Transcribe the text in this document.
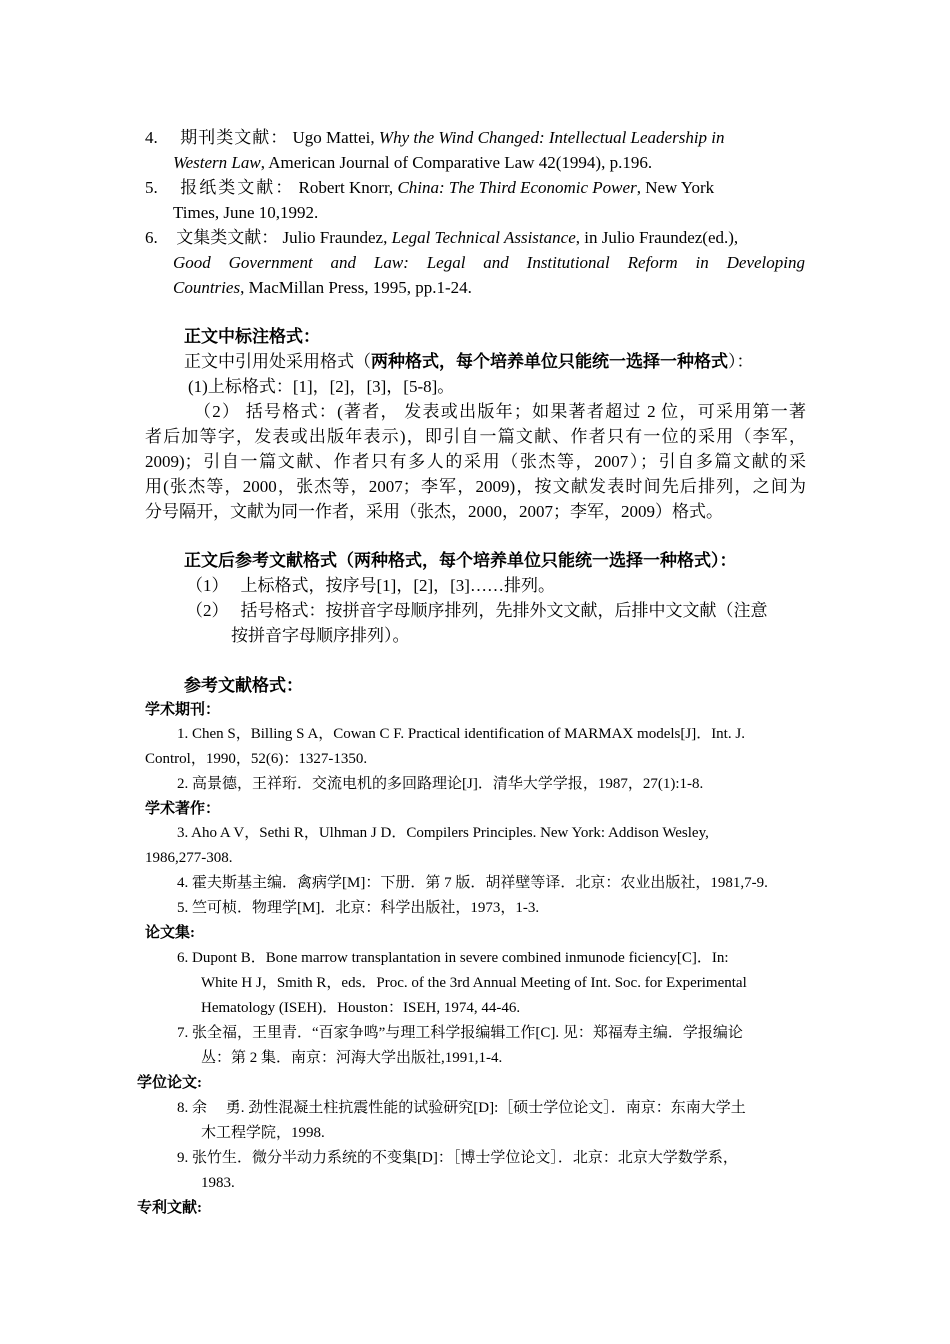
4. 期刊类文献： Ugo Mattei, Why the Wind Changed: Intellectual Leadership in
Western Law, American Journal of Comparative Law 42(1994), p.196.
5. 报纸类文献： Robert Knorr, China: The Third Economic Power, New York
Times, June 10,1992.
6. 文集类文献： Julio Fraundez, Legal Technical Assistance, in Julio Fraundez(ed.),
Good Government and Law: Legal and Institutional Reform in Developing
Countries, MacMillan Press, 1995, pp.1-24.
正文中标注格式：
正文中引用处采用格式（两种格式，每个培养单位只能统一选择一种格式）：
(1)上标格式：[1]，[2]，[3]，[5-8]。
（2） 括号格式：(著者， 发表或出版年；如果著者超过 2 位，可采用第一著
者后加等字，发表或出版年表示)，即引自一篇文献、作者只有一位的采用（李军，
2009)；引自一篇文献、作者只有多人的采用（张杰等，2007）；引自多篇文献的采
用(张杰等，2000，张杰等，2007；李军，2009)，按文献发表时间先后排列，之间为
分号隔开，文献为同一作者，采用（张杰，2000，2007；李军，2009）格式。
正文后参考文献格式（两种格式，每个培养单位只能统一选择一种格式）：
（1） 上标格式，按序号[1]，[2]，[3]……排列。
（2） 括号格式：按拼音字母顺序排列，先排外文文献，后排中文文献（注意
按拼音字母顺序排列）。
参考文献格式：
学术期刊：
1. Chen S，Billing S A，Cowan C F. Practical identification of MARMAX models[J]．Int. J.
Control，1990，52(6)：1327-1350.
2. 高景德，王祥珩．交流电机的多回路理论[J]．清华大学学报，1987，27(1):1-8.
学术著作：
3. Aho A V，Sethi R，Ulhman J D．Compilers Principles. New York: Addison Wesley,
1986,277-308.
4. 霍夫斯基主编．禽病学[M]：下册．第 7 版．胡祥壁等译．北京：农业出版社，1981,7-9.
5. 竺可桢．物理学[M]．北京：科学出版社，1973，1-3.
论文集:
6. Dupont B．Bone marrow transplantation in severe combined inmunode ficiency[C]．In:
White H J，Smith R，eds．Proc. of the 3rd Annual Meeting of Int. Soc. for Experimental
Hematology (ISEH)．Houston：ISEH, 1974, 44-46.
7. 张全福，王里青．“百家争鸣”与理工科学报编辑工作[C]. 见：郑福寿主编．学报编论
丛：第 2 集．南京：河海大学出版社,1991,1-4.
学位论文:
8. 余　 勇. 劲性混凝土柱抗震性能的试验研究[D]:［硕士学位论文］．南京：东南大学土
木工程学院，1998.
9. 张竹生．微分半动力系统的不变集[D]：［博士学位论文］．北京：北京大学数学系，
1983.
专利文献:
